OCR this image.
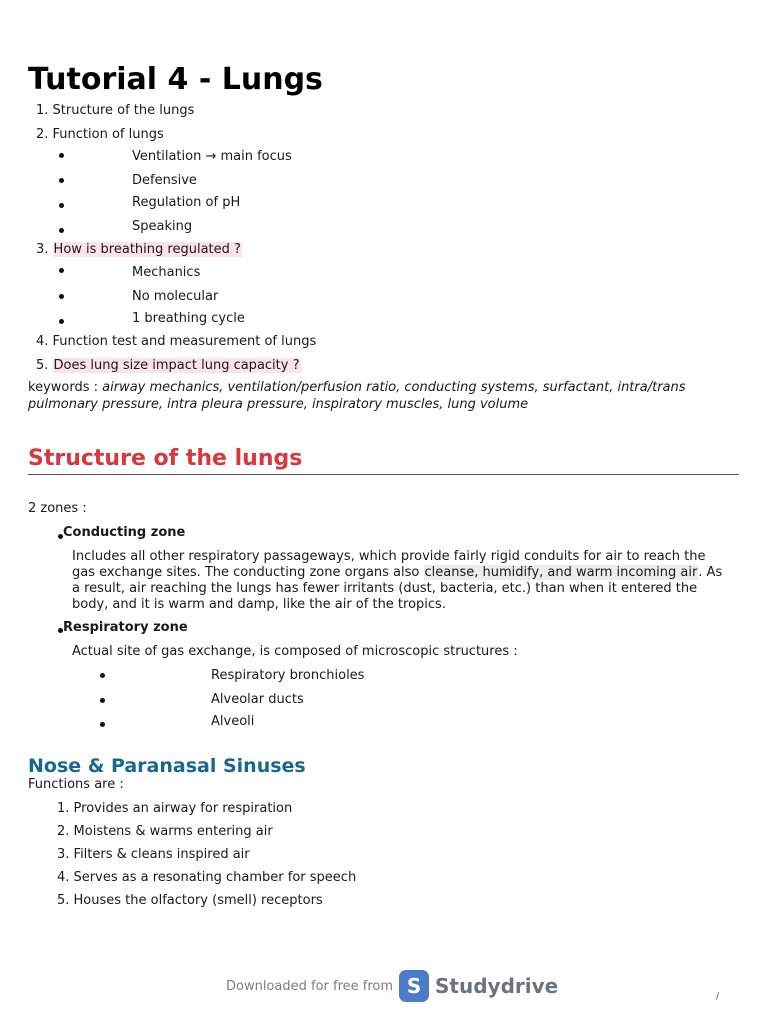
Tutorial 4 - Lungs
1. Structure of the lungs
2. Function of lungs
Ventilation → main focus
Defensive
Regulation of pH
Speaking
3. How is breathing regulated ?
Mechanics
No molecular
1 breathing cycle
4. Function test and measurement of lungs
5. Does lung size impact lung capacity ?
keywords : airway mechanics, ventilation/perfusion ratio, conducting systems, surfactant, intra/trans pulmonary pressure, intra pleura pressure, inspiratory muscles, lung volume
Structure of the lungs
2 zones :
Conducting zone
Includes all other respiratory passageways, which provide fairly rigid conduits for air to reach the gas exchange sites. The conducting zone organs also cleanse, humidify, and warm incoming air. As a result, air reaching the lungs has fewer irritants (dust, bacteria, etc.) than when it entered the body, and it is warm and damp, like the air of the tropics.
Respiratory zone
Actual site of gas exchange, is composed of microscopic structures :
Respiratory bronchioles
Alveolar ducts
Alveoli
Nose & Paranasal Sinuses
Functions are :
1. Provides an airway for respiration
2. Moistens & warms entering air
3. Filters & cleans inspired air
4. Serves as a resonating chamber for speech
5. Houses the olfactory (smell) receptors
Downloaded for free from S Studydrive	/
